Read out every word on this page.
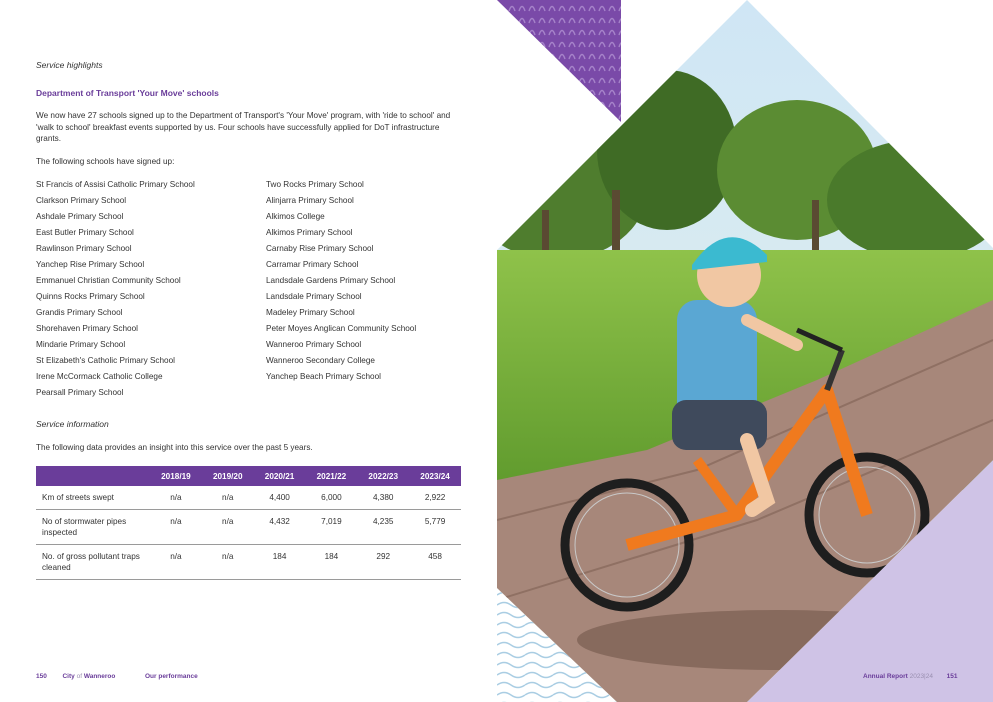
Service highlights
Department of Transport 'Your Move' schools
We now have 27 schools signed up to the Department of Transport's 'Your Move' program, with 'ride to school' and 'walk to school' breakfast events supported by us. Four schools have successfully applied for DoT infrastructure grants.
The following schools have signed up:
St Francis of Assisi Catholic Primary School
Clarkson Primary School
Ashdale Primary School
East Butler Primary School
Rawlinson Primary School
Yanchep Rise Primary School
Emmanuel Christian Community School
Quinns Rocks Primary School
Grandis Primary School
Shorehaven Primary School
Mindarie Primary School
St Elizabeth's Catholic Primary School
Irene McCormack Catholic College
Pearsall Primary School
Two Rocks Primary School
Alinjarra Primary School
Alkimos College
Alkimos Primary School
Carnaby Rise Primary School
Carramar Primary School
Landsdale Gardens Primary School
Landsdale Primary School
Madeley Primary School
Peter Moyes Anglican Community School
Wanneroo Primary School
Wanneroo Secondary College
Yanchep Beach Primary School
Service information
The following data provides an insight into this service over the past 5 years.
	2018/19	2019/20	2020/21	2021/22	2022/23	2023/24
Km of streets swept	n/a	n/a	4,400	6,000	4,380	2,922
No of stormwater pipes inspected	n/a	n/a	4,432	7,019	4,235	5,779
No. of gross pollutant traps cleaned	n/a	n/a	184	184	292	458
150 City of Wanneroo	Our performance	Annual Report 2023|24 151
